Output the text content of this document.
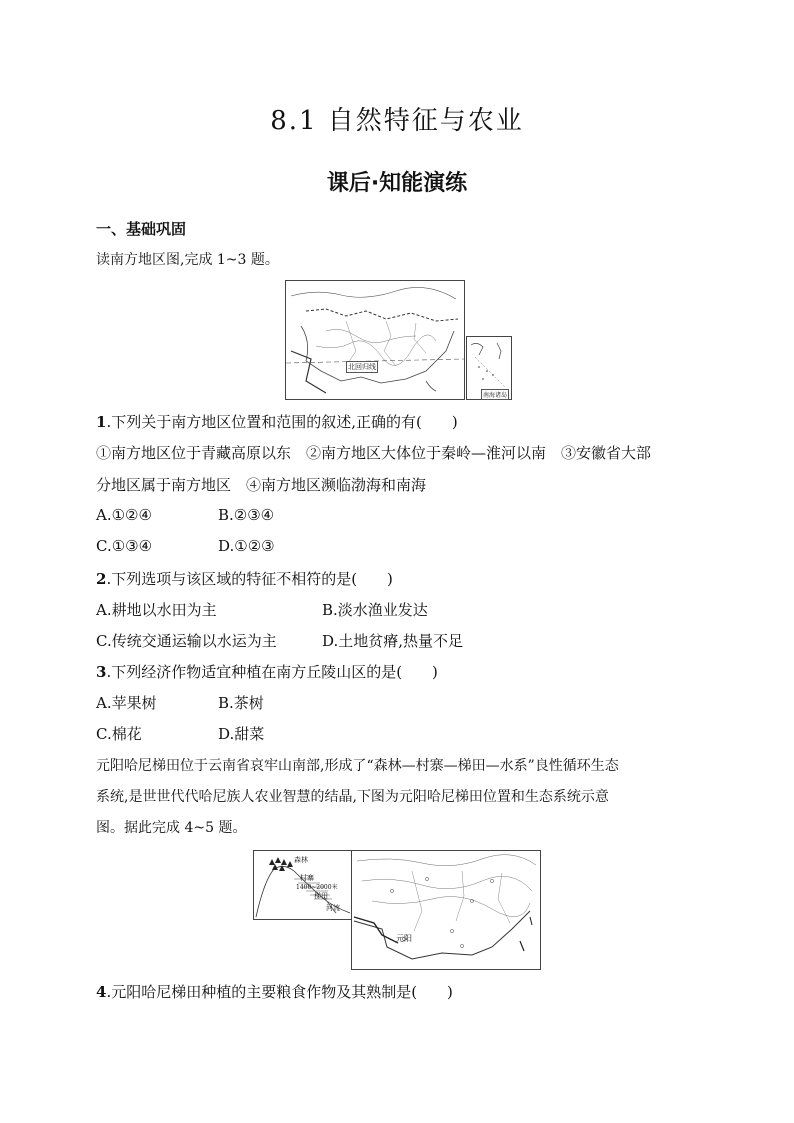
8.1 自然特征与农业
课后·知能演练
一、基础巩固
读南方地区图,完成 1~3 题。
北回归线
南海诸岛
1.下列关于南方地区位置和范围的叙述,正确的有(　　)
①南方地区位于青藏高原以东　②南方地区大体位于秦岭—淮河以南　③安徽省大部
分地区属于南方地区　④南方地区濒临渤海和南海
A.①②④	B.②③④
C.①③④	D.①②③
2.下列选项与该区域的特征不相符的是(　　)
A.耕地以水田为主	B.淡水渔业发达
C.传统交通运输以水运为主	D.土地贫瘠,热量不足
3.下列经济作物适宜种植在南方丘陵山区的是(　　)
A.苹果树	B.茶树
C.棉花	D.甜菜
元阳哈尼梯田位于云南省哀牢山南部,形成了“森林—村寨—梯田—水系”良性循环生态
系统,是世世代代哈尼族人农业智慧的结晶,下图为元阳哈尼梯田位置和生态系统示意
图。据此完成 4~5 题。
森林
村寨
1400~2000米
梯田
河流
元阳
4.元阳哈尼梯田种植的主要粮食作物及其熟制是(　　)
